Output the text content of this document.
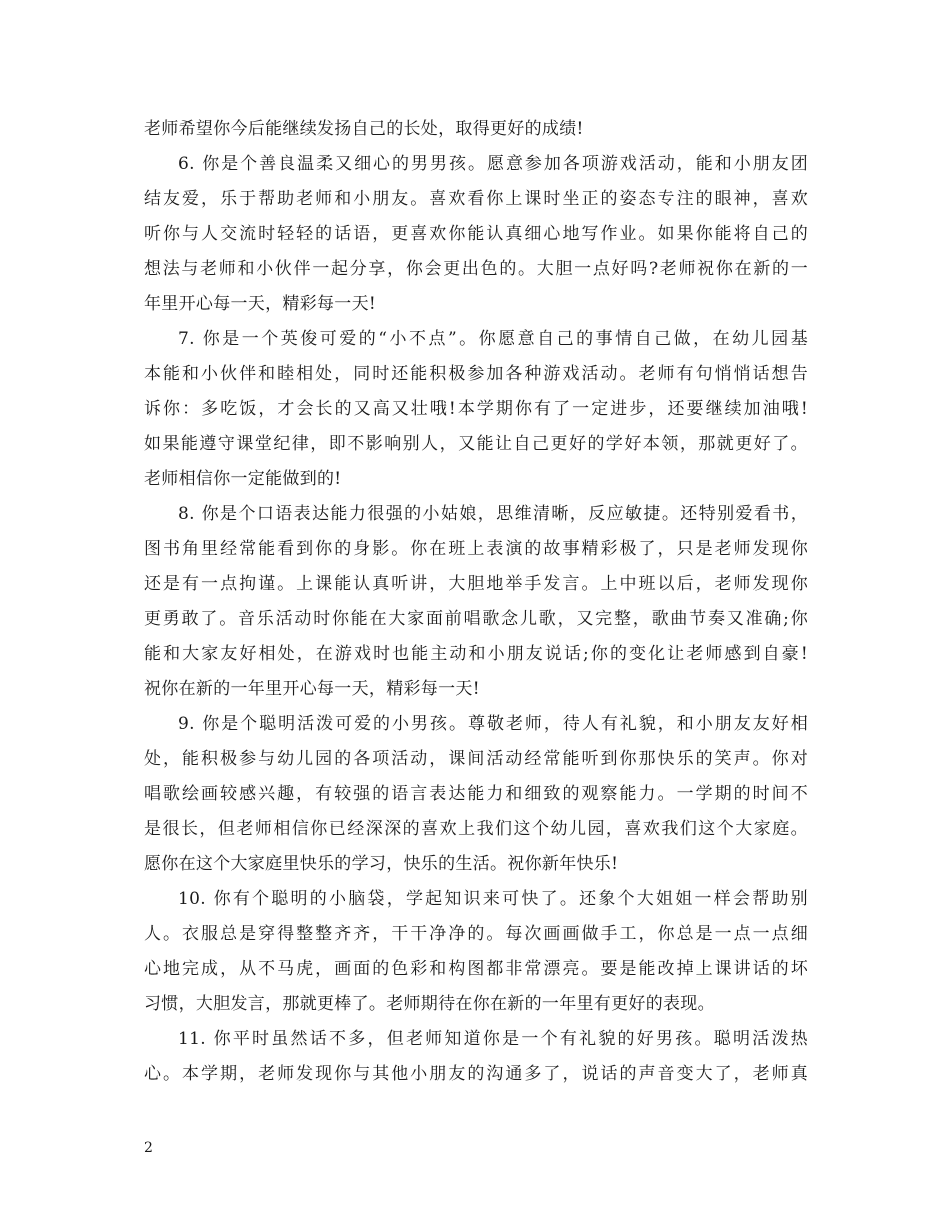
老师希望你今后能继续发扬自己的长处，取得更好的成绩!
6. 你是个善良温柔又细心的男男孩。愿意参加各项游戏活动，能和小朋友团
结友爱，乐于帮助老师和小朋友。喜欢看你上课时坐正的姿态专注的眼神，喜欢
听你与人交流时轻轻的话语，更喜欢你能认真细心地写作业。如果你能将自己的
想法与老师和小伙伴一起分享，你会更出色的。大胆一点好吗?老师祝你在新的一
年里开心每一天，精彩每一天!
7. 你是一个英俊可爱的“小不点”。你愿意自己的事情自己做，在幼儿园基
本能和小伙伴和睦相处，同时还能积极参加各种游戏活动。老师有句悄悄话想告
诉你：多吃饭，才会长的又高又壮哦!本学期你有了一定进步，还要继续加油哦!
如果能遵守课堂纪律，即不影响别人，又能让自己更好的学好本领，那就更好了。
老师相信你一定能做到的!
8. 你是个口语表达能力很强的小姑娘，思维清晰，反应敏捷。还特别爱看书，
图书角里经常能看到你的身影。你在班上表演的故事精彩极了，只是老师发现你
还是有一点拘谨。上课能认真听讲，大胆地举手发言。上中班以后，老师发现你
更勇敢了。音乐活动时你能在大家面前唱歌念儿歌，又完整，歌曲节奏又准确;你
能和大家友好相处，在游戏时也能主动和小朋友说话;你的变化让老师感到自豪!
祝你在新的一年里开心每一天，精彩每一天!
9. 你是个聪明活泼可爱的小男孩。尊敬老师，待人有礼貌，和小朋友友好相
处，能积极参与幼儿园的各项活动，课间活动经常能听到你那快乐的笑声。你对
唱歌绘画较感兴趣，有较强的语言表达能力和细致的观察能力。一学期的时间不
是很长，但老师相信你已经深深的喜欢上我们这个幼儿园，喜欢我们这个大家庭。
愿你在这个大家庭里快乐的学习，快乐的生活。祝你新年快乐!
10. 你有个聪明的小脑袋，学起知识来可快了。还象个大姐姐一样会帮助别
人。衣服总是穿得整整齐齐，干干净净的。每次画画做手工，你总是一点一点细
心地完成，从不马虎，画面的色彩和构图都非常漂亮。要是能改掉上课讲话的坏
习惯，大胆发言，那就更棒了。老师期待在你在新的一年里有更好的表现。
11. 你平时虽然话不多，但老师知道你是一个有礼貌的好男孩。聪明活泼热
心。本学期，老师发现你与其他小朋友的沟通多了，说话的声音变大了，老师真
2
